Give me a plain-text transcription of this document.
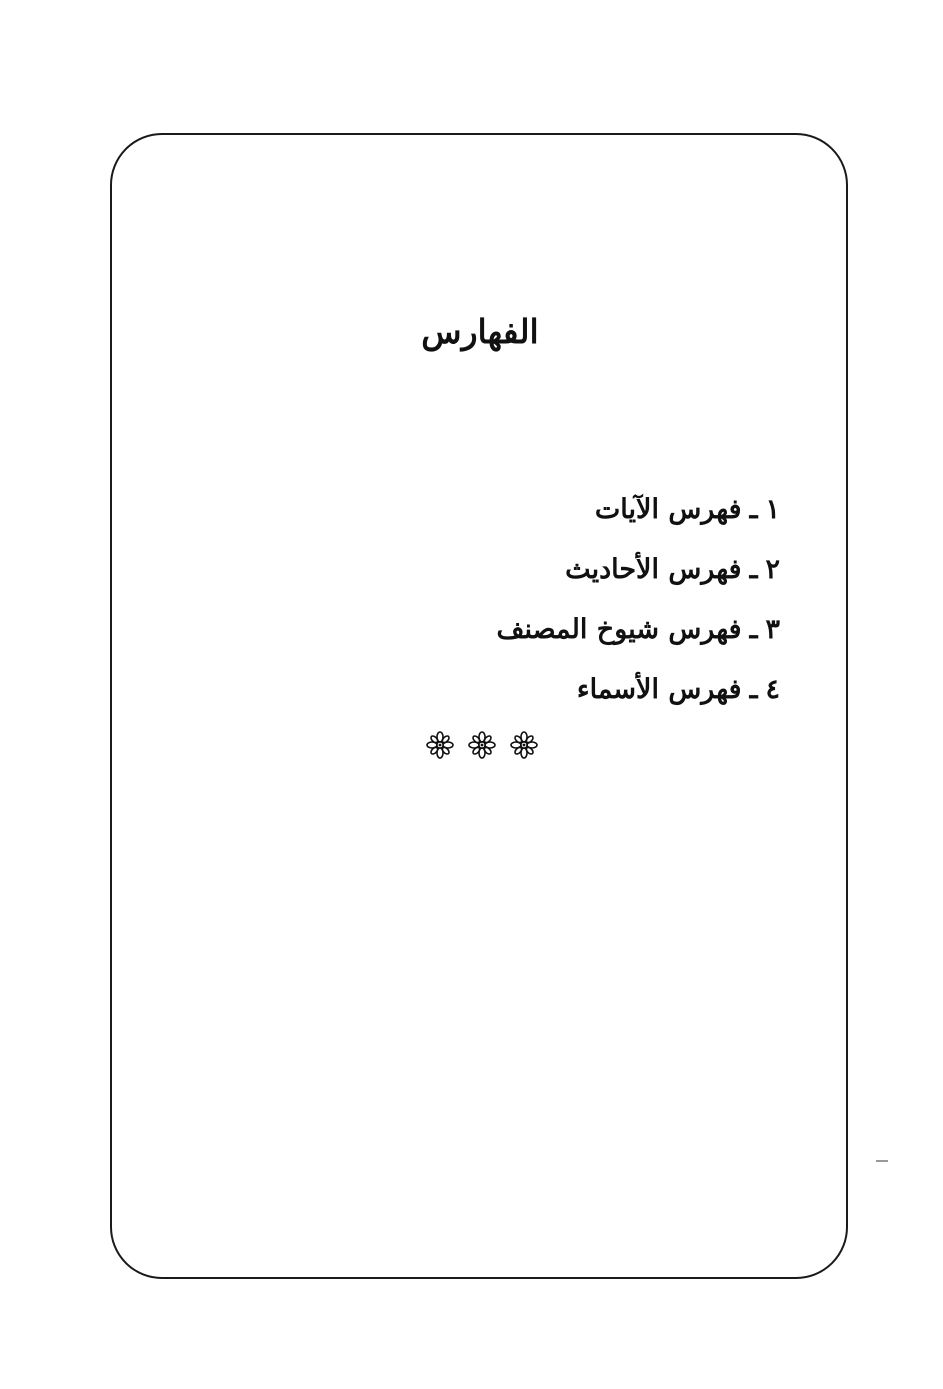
الفهارس
١ـفهرس الآيات
٢ـفهرس الأحاديث
٣ـفهرس شيوخ المصنف
٤ـفهرس الأسماء
